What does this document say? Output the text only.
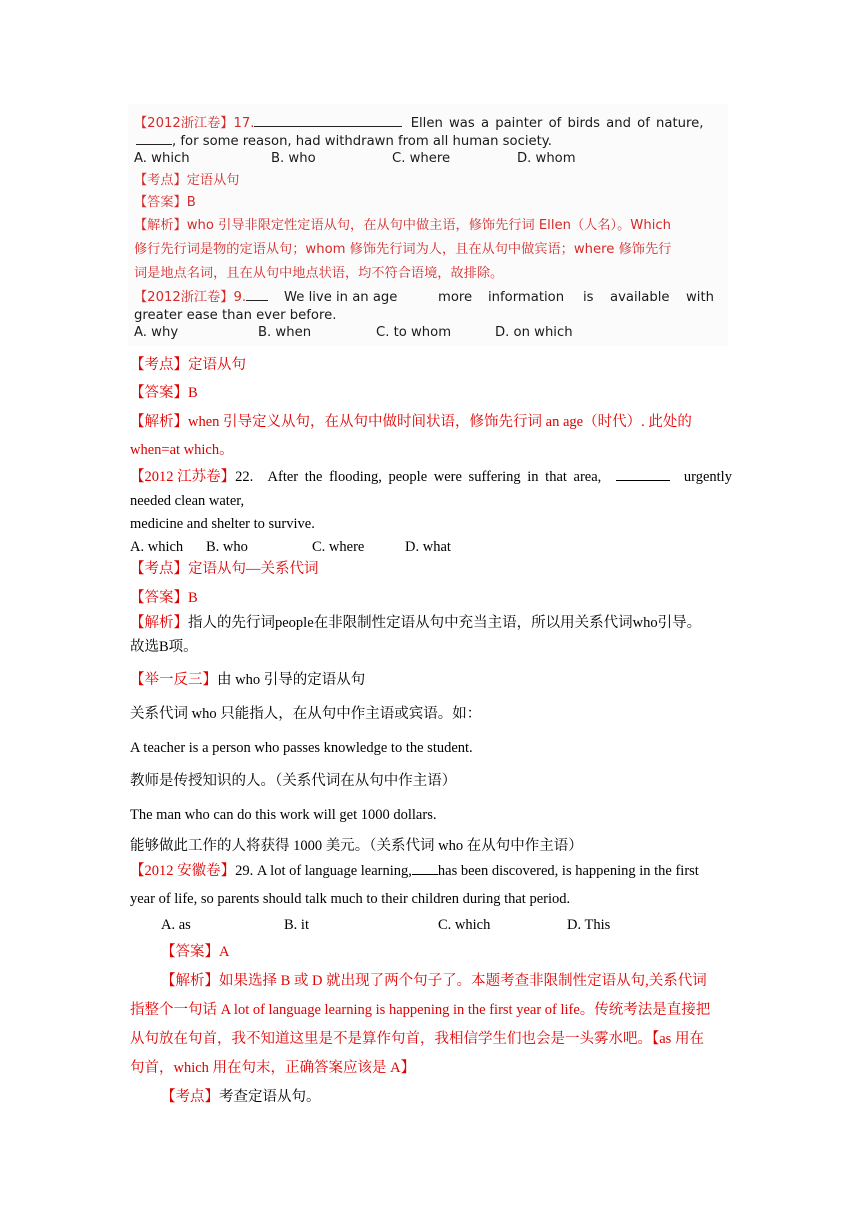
【2012浙江卷】17.	Ellen was a painter of birds and of nature,
, for some reason, had withdrawn from all human society.
A. which	B. who	C. where	D. whom
【考点】定语从句
【答案】B
【解析】who 引导非限定性定语从句，在从句中做主语，修饰先行词 Ellen（人名）。Which
修行先行词是物的定语从句；whom 修饰先行词为人，且在从句中做宾语；where 修饰先行
词是地点名词，且在从句中地点状语，均不符合语境，故排除。
【2012浙江卷】9.	We live in an age	more information is available with
greater ease than ever before.
A. why	B. when	C. to whom	D. on which
【考点】定语从句
【答案】B
【解析】when 引导定义从句，在从句中做时间状语，修饰先行词 an age（时代）. 此处的
when=at which。
【2012 江苏卷】22. After the flooding, people were suffering in that area,	urgently
needed clean water,
medicine and shelter to survive.
A. which B. who	C. where	D. what
【考点】定语从句—关系代词
【答案】B
【解析】指人的先行词people在非限制性定语从句中充当主语，所以用关系代词who引导。
故选B项。
【举一反三】由 who 引导的定语从句
关系代词 who 只能指人，在从句中作主语或宾语。如：
A teacher is a person who passes knowledge to the student.
教师是传授知识的人。（关系代词在从句中作主语）
The man who can do this work will get 1000 dollars.
能够做此工作的人将获得 1000 美元。（关系代词 who 在从句中作主语）
【2012 安徽卷】29. A lot of language learning, has been discovered, is happening in the first
year of life, so parents should talk much to their children during that period.
A. as	B. it	C. which	D. This
【答案】A
【解析】如果选择 B 或 D 就出现了两个句子了。本题考查非限制性定语从句,关系代词
指整个一句话 A lot of language learning is happening in the first year of life。传统考法是直接把
从句放在句首，我不知道这里是不是算作句首，我相信学生们也会是一头雾水吧。【as 用在
句首，which 用在句末，正确答案应该是 A】
【考点】考查定语从句。
